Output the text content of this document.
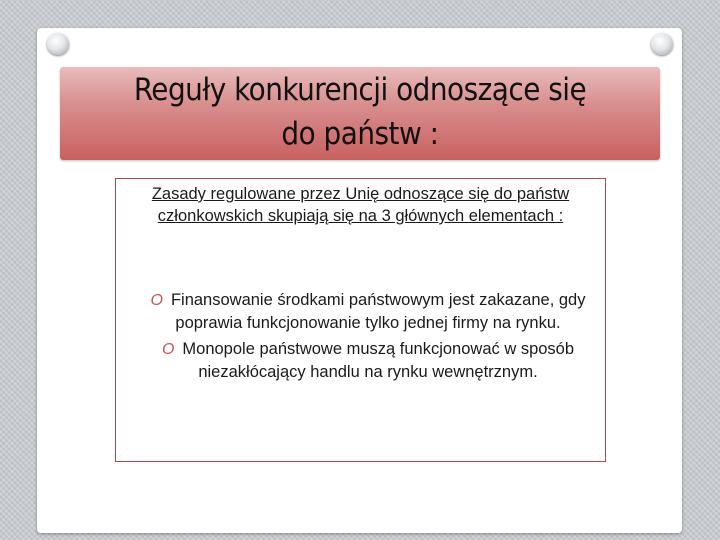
Reguły konkurencji odnoszące się
do państw :
Zasady regulowane przez Unię odnoszące się do państw członkowskich skupiają się na 3 głównych elementach :
O Finansowanie środkami państwowym jest zakazane, gdy poprawia funkcjonowanie tylko jednej firmy na rynku.
O Monopole państwowe muszą funkcjonować w sposób niezakłócający handlu na rynku wewnętrznym.
